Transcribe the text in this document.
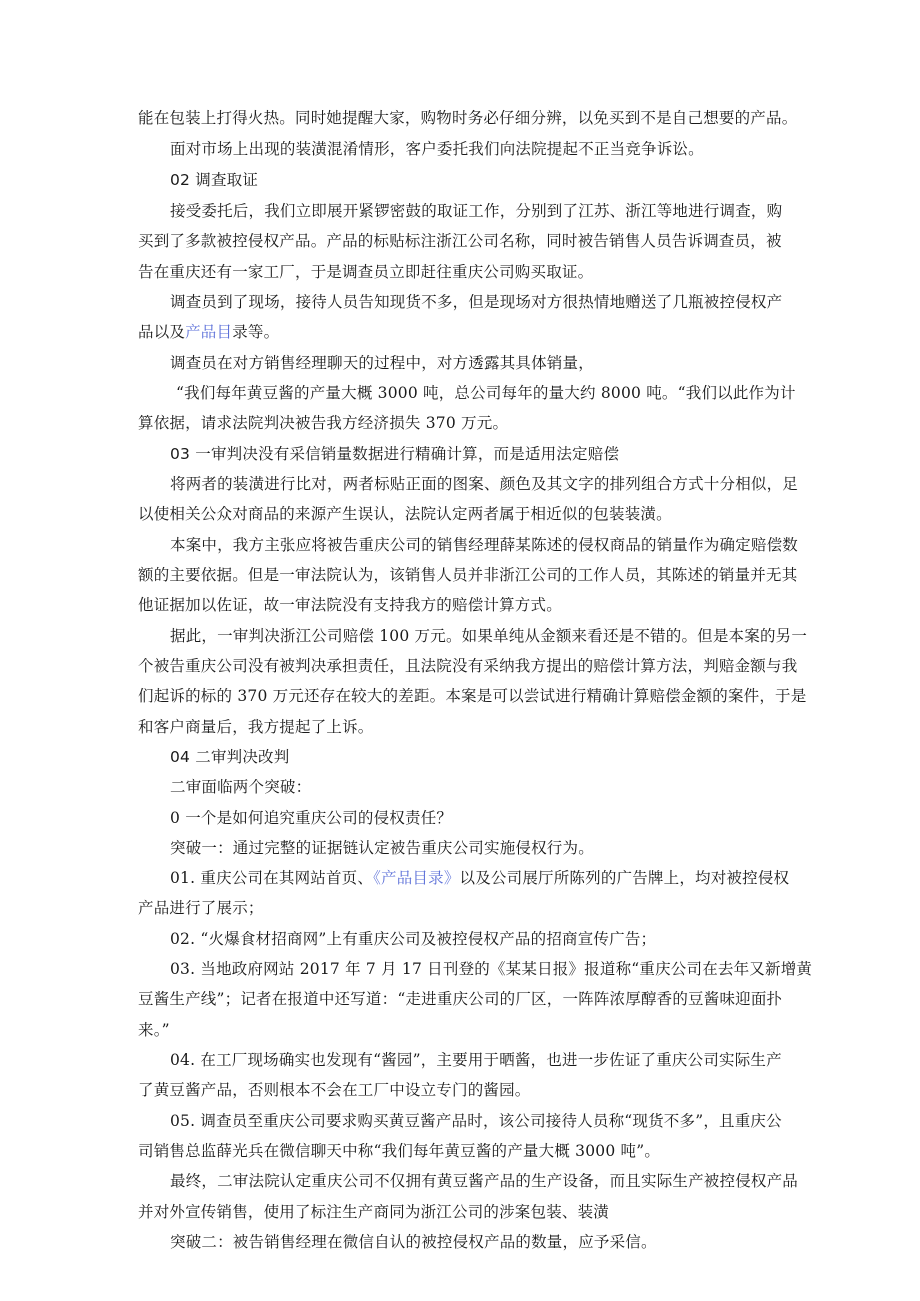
能在包装上打得火热。同时她提醒大家，购物时务必仔细分辨，以免买到不是自己想要的产品。
面对市场上出现的装潢混淆情形，客户委托我们向法院提起不正当竞争诉讼。
02 调查取证
接受委托后，我们立即展开紧锣密鼓的取证工作，分别到了江苏、浙江等地进行调查，购
买到了多款被控侵权产品。产品的标贴标注浙江公司名称，同时被告销售人员告诉调查员，被
告在重庆还有一家工厂，于是调查员立即赶往重庆公司购买取证。
调查员到了现场，接待人员告知现货不多，但是现场对方很热情地赠送了几瓶被控侵权产
品以及产品目录等。
调查员在对方销售经理聊天的过程中，对方透露其具体销量，
“我们每年黄豆酱的产量大概 3000 吨，总公司每年的量大约 8000 吨。“我们以此作为计
算依据，请求法院判决被告我方经济损失 370 万元。
03 一审判决没有采信销量数据进行精确计算，而是适用法定赔偿
将两者的装潢进行比对，两者标贴正面的图案、颜色及其文字的排列组合方式十分相似，足
以使相关公众对商品的来源产生误认，法院认定两者属于相近似的包装装潢。
本案中，我方主张应将被告重庆公司的销售经理薛某陈述的侵权商品的销量作为确定赔偿数
额的主要依据。但是一审法院认为，该销售人员并非浙江公司的工作人员，其陈述的销量并无其
他证据加以佐证，故一审法院没有支持我方的赔偿计算方式。
据此，一审判决浙江公司赔偿 100 万元。如果单纯从金额来看还是不错的。但是本案的另一
个被告重庆公司没有被判决承担责任，且法院没有采纳我方提出的赔偿计算方法，判赔金额与我
们起诉的标的 370 万元还存在较大的差距。本案是可以尝试进行精确计算赔偿金额的案件，于是
和客户商量后，我方提起了上诉。
04 二审判决改判
二审面临两个突破：
0 一个是如何追究重庆公司的侵权责任？
突破一：通过完整的证据链认定被告重庆公司实施侵权行为。
01. 重庆公司在其网站首页、《产品目录》以及公司展厅所陈列的广告牌上，均对被控侵权
产品进行了展示；
02. “火爆食材招商网”上有重庆公司及被控侵权产品的招商宣传广告；
03. 当地政府网站 2017 年 7 月 17 日刊登的《某某日报》报道称“重庆公司在去年又新增黄
豆酱生产线”；记者在报道中还写道：“走进重庆公司的厂区，一阵阵浓厚醇香的豆酱味迎面扑
来。”
04. 在工厂现场确实也发现有“酱园”，主要用于晒酱，也进一步佐证了重庆公司实际生产
了黄豆酱产品，否则根本不会在工厂中设立专门的酱园。
05. 调查员至重庆公司要求购买黄豆酱产品时，该公司接待人员称“现货不多”，且重庆公
司销售总监薛光兵在微信聊天中称“我们每年黄豆酱的产量大概 3000 吨”。
最终，二审法院认定重庆公司不仅拥有黄豆酱产品的生产设备，而且实际生产被控侵权产品
并对外宣传销售，使用了标注生产商同为浙江公司的涉案包装、装潢
突破二：被告销售经理在微信自认的被控侵权产品的数量，应予采信。
